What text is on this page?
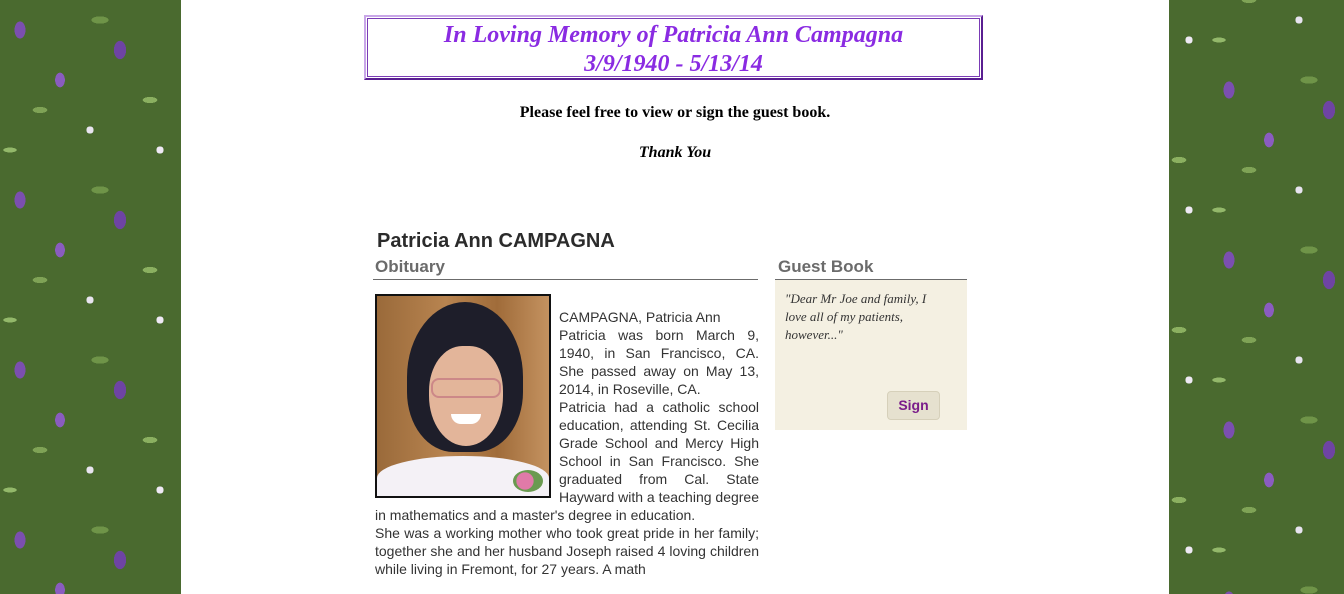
In Loving Memory of Patricia Ann Campagna
3/9/1940 - 5/13/14
Please feel free to view or sign the guest book.
Thank You
Patricia Ann CAMPAGNA
Obituary	Guest Book

CAMPAGNA, Patricia Ann

Patricia was born March 9, 1940, in San Francisco, CA. She passed away on May 13, 2014, in Roseville, CA.

Patricia had a catholic school education, attending St. Cecilia Grade School and Mercy High School in San Francisco. She graduated from Cal. State Hayward with a teaching degree in mathematics and a master's degree in education.

She was a working mother who took great pride in her family; together she and her husband Joseph raised 4 loving children while living in Fremont, for 27 years. A math

"Dear Mr Joe and family, I love all of my patients, however..."
Sign
